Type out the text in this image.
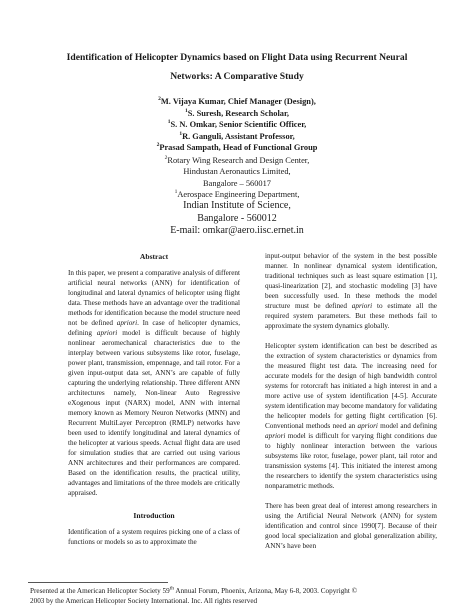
Identification of Helicopter Dynamics based on Flight Data using Recurrent Neural
Networks: A Comparative Study
$^2$M. Vijaya Kumar, Chief Manager (Design),
$^1$S. Suresh, Research Scholar,
$^1$S. N. Omkar, Senior Scientific Officer,
$^1$R. Ganguli, Assistant Professor,
$^2$Prasad Sampath, Head of Functional Group
$^2$Rotary Wing Research and Design Center,
Hindustan Aeronautics Limited,
Bangalore – 560017
$^1$Aerospace Engineering Department,
Indian Institute of Science,
Bangalore - 560012
E-mail: omkar@aero.iisc.ernet.in
Abstract

In this paper, we present a comparative analysis of different artificial neural networks (ANN) for identification of longitudinal and lateral dynamics of helicopter using flight data. These methods have an advantage over the traditional methods for identification because the model structure need not be defined apriori. In case of helicopter dynamics, defining apriori model is difficult because of highly nonlinear aeromechanical characteristics due to the interplay between various subsystems like rotor, fuselage, power plant, transmission, empennage, and tail rotor. For a given input-output data set, ANN’s are capable of fully capturing the underlying relationship. Three different ANN architectures namely, Non-linear Auto Regressive eXogenous input (NARX) model, ANN with internal memory known as Memory Neuron Networks (MNN) and Recurrent MultiLayer Perceptron (RMLP) networks have been used to identify longitudinal and lateral dynamics of the helicopter at various speeds. Actual flight data are used for simulation studies that are carried out using various ANN architectures and their performances are compared. Based on the identification results, the practical utility, advantages and limitations of the three models are critically appraised.

Introduction

Identification of a system requires picking one of a class of functions or models so as to approximate the

input-output behavior of the system in the best possible manner. In nonlinear dynamical system identification, traditional techniques such as least square estimation [1], quasi-linearization [2], and stochastic modeling [3] have been successfully used. In these methods the model structure must be defined apriori to estimate all the required system parameters. But these methods fail to approximate the system dynamics globally.

Helicopter system identification can best be described as the extraction of system characteristics or dynamics from the measured flight test data. The increasing need for accurate models for the design of high bandwidth control systems for rotorcraft has initiated a high interest in and a more active use of system identification [4-5]. Accurate system identification may become mandatory for validating the helicopter models for getting flight certification [6]. Conventional methods need an apriori model and defining apriori model is difficult for varying flight conditions due to highly nonlinear interaction between the various subsystems like rotor, fuselage, power plant, tail rotor and transmission systems [4]. This initiated the interest among the researchers to identify the system characteristics using nonparametric methods.

There has been great deal of interest among researchers in using the Artificial Neural Network (ANN) for system identification and control since 1990[7]. Because of their good local specialization and global generalization ability, ANN’s have been

Presented at the American Helicopter Society 59th Annual Forum, Phoenix, Arizona, May 6-8, 2003. Copyright ©
2003 by the American Helicopter Society International. Inc. All rights reserved
